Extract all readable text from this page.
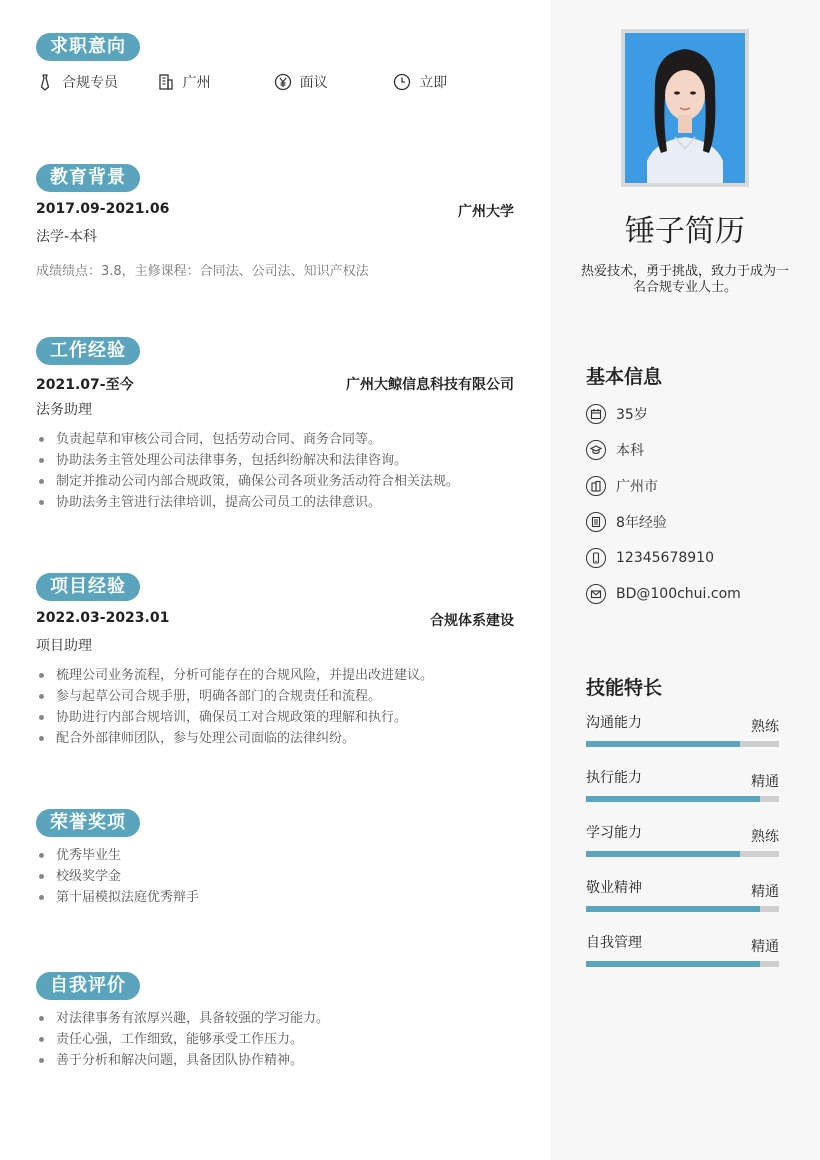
求职意向
合规专员	广州	面议	立即
教育背景
2017.09-2021.06	广州大学
法学-本科
成绩绩点：3.8，主修课程：合同法、公司法、知识产权法
工作经验
2021.07-至今	广州大鲸信息科技有限公司
法务助理
负责起草和审核公司合同，包括劳动合同、商务合同等。
协助法务主管处理公司法律事务，包括纠纷解决和法律咨询。
制定并推动公司内部合规政策，确保公司各项业务活动符合相关法规。
协助法务主管进行法律培训，提高公司员工的法律意识。
项目经验
2022.03-2023.01	合规体系建设
项目助理
梳理公司业务流程，分析可能存在的合规风险，并提出改进建议。
参与起草公司合规手册，明确各部门的合规责任和流程。
协助进行内部合规培训，确保员工对合规政策的理解和执行。
配合外部律师团队，参与处理公司面临的法律纠纷。
荣誉奖项
优秀毕业生
校级奖学金
第十届模拟法庭优秀辩手
自我评价
对法律事务有浓厚兴趣，具备较强的学习能力。
责任心强，工作细致，能够承受工作压力。
善于分析和解决问题，具备团队协作精神。
锤子简历
热爱技术，勇于挑战，致力于成为一名合规专业人士。
基本信息
35岁
本科
广州市
8年经验
12345678910
BD@100chui.com
技能特长
沟通能力	熟练
执行能力	精通
学习能力	熟练
敬业精神	精通
自我管理	精通
